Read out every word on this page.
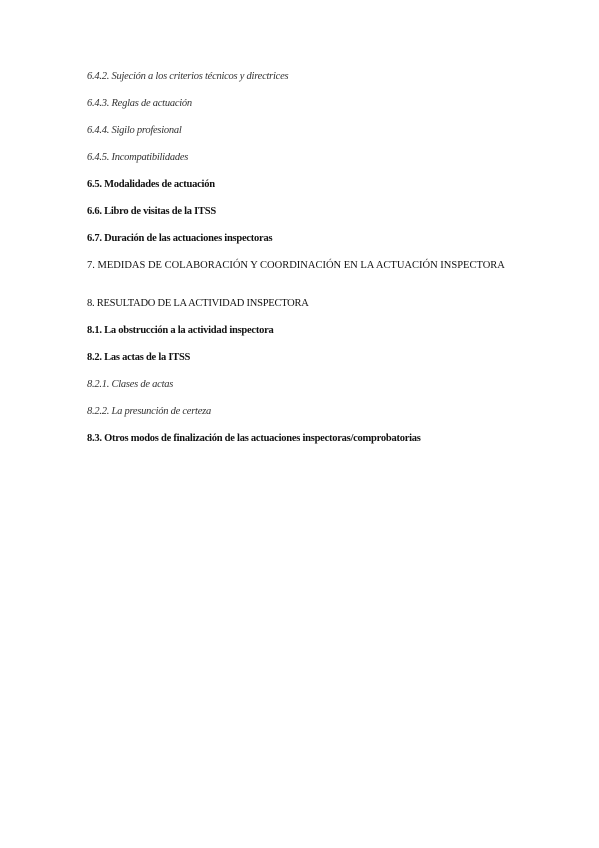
6.4.2. Sujeción a los criterios técnicos y directrices
6.4.3. Reglas de actuación
6.4.4. Sigilo profesional
6.4.5. Incompatibilidades
6.5. Modalidades de actuación
6.6. Libro de visitas de la ITSS
6.7. Duración de las actuaciones inspectoras
7. MEDIDAS DE COLABORACIÓN Y COORDINACIÓN EN LA ACTUACIÓN INSPECTORA
8. RESULTADO DE LA ACTIVIDAD INSPECTORA
8.1. La obstrucción a la actividad inspectora
8.2. Las actas de la ITSS
8.2.1. Clases de actas
8.2.2. La presunción de certeza
8.3. Otros modos de finalización de las actuaciones inspectoras/comprobatorias
